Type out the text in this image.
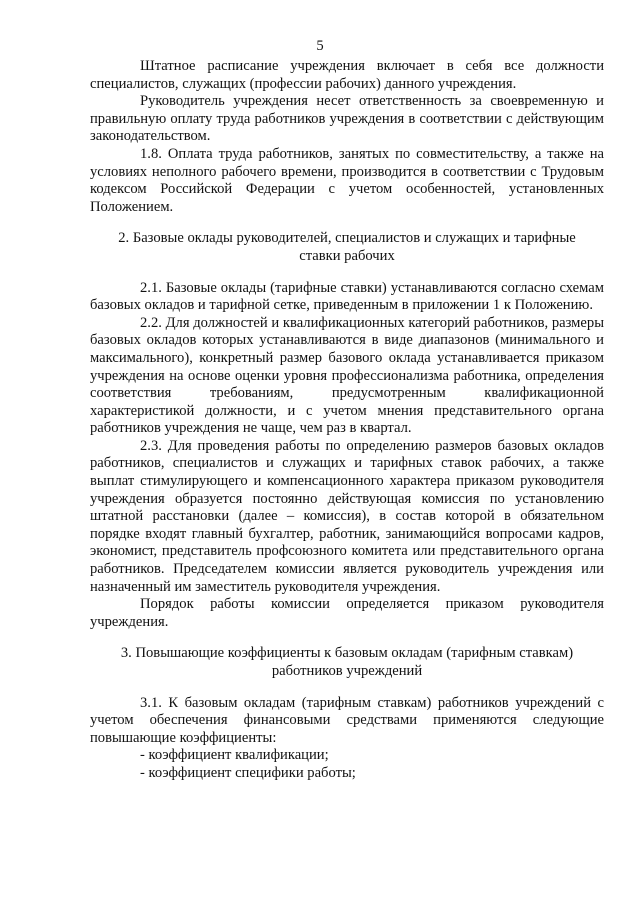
5

Штатное расписание учреждения включает в себя все должности специалистов, служащих (профессии рабочих) данного учреждения.

Руководитель учреждения несет ответственность за своевременную и правильную оплату труда работников учреждения в соответствии с действующим законодательством.

1.8. Оплата труда работников, занятых по совместительству, а также на условиях неполного рабочего времени, производится в соответствии с Трудовым кодексом Российской Федерации с учетом особенностей, установленных Положением.

2. Базовые оклады руководителей, специалистов и служащих и тарифные ставки рабочих

2.1. Базовые оклады (тарифные ставки) устанавливаются согласно схемам базовых окладов и тарифной сетке, приведенным в приложении 1 к Положению.

2.2. Для должностей и квалификационных категорий работников, размеры базовых окладов которых устанавливаются в виде диапазонов (минимального и максимального), конкретный размер базового оклада устанавливается приказом учреждения на основе оценки уровня профессионализма работника, определения соответствия требованиям, предусмотренным квалификационной характеристикой должности, и с учетом мнения представительного органа работников учреждения не чаще, чем раз в квартал.

2.3. Для проведения работы по определению размеров базовых окладов работников, специалистов и служащих и тарифных ставок рабочих, а также выплат стимулирующего и компенсационного характера приказом руководителя учреждения образуется постоянно действующая комиссия по установлению штатной расстановки (далее – комиссия), в состав которой в обязательном порядке входят главный бухгалтер, работник, занимающийся вопросами кадров, экономист, представитель профсоюзного комитета или представительного органа работников. Председателем комиссии является руководитель учреждения или назначенный им заместитель руководителя учреждения.

Порядок работы комиссии определяется приказом руководителя учреждения.

3. Повышающие коэффициенты к базовым окладам (тарифным ставкам) работников учреждений

3.1. К базовым окладам (тарифным ставкам) работников учреждений с учетом обеспечения финансовыми средствами применяются следующие повышающие коэффициенты:

- коэффициент квалификации;

- коэффициент специфики работы;
